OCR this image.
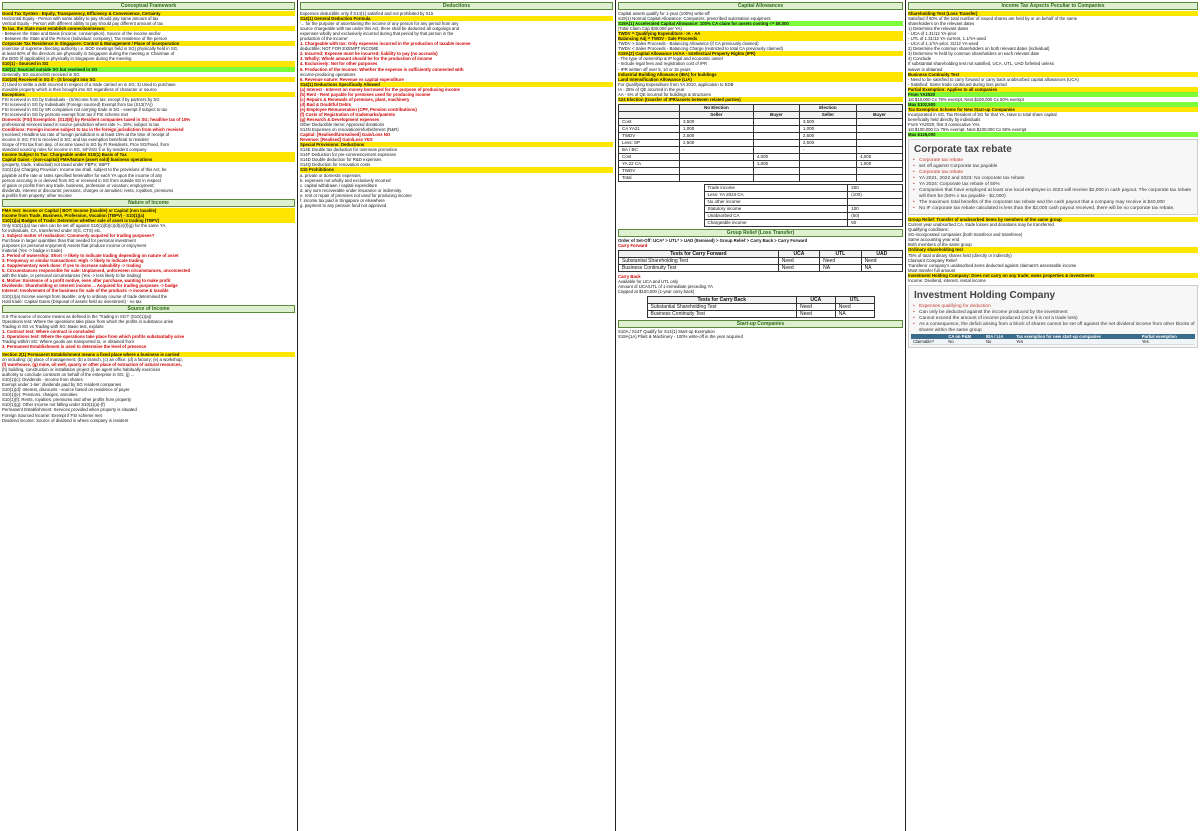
Conceptual Framework
Good Tax System - Equity, Transparency, Efficiency & Convenience, Certainty
Horizontal Equity - Person with same ability to pay should pay same amount of tax
Vertical Equity - Person with different ability to pay should pay different amount of tax
To tax, the State must establish connection/nexus:
- Between the State and Basis (income; consumption), Source of the income and/or
- Between the State and the Person (individual; company), Tax residence of the person
Corporate Tax Residence in Singapore: Control & Management / Place of incorporation
(exercise of supreme directing authority i.e. BOD meetings held in SG) physically held in SG,
at least 50% of the directors are physically in Singapore during the meeting or Chairman of
the BOD (if applicable) is physically in Singapore during the meeting
S10(1) - Sourced in SG
S10(1): Sourced outside SG but received in SG
Generally, SG source/SG received in SG
S10(25) Received in SG if - (S brought into SG
2) Used to settle a debt incurred in respect of a trade carried on in SG; 3) Used to purchase
movable property which is then brought into SG regardless of character or source
Exceptions
FSI received in SG by Individuals - (S/Income from tax; except if by partners by SG
FSI received in SG by Individuals (Foreign sourced) Exempt from tax (S13(7A))
FSI received in SG by SR companies not carrying trade in SG - exempt if subject to tax
FSI received in SG by persons exempt from tax if FSI scheme met
Domestic (FSI) Exemption: (S13(8)) by Resident companies taxed in SG; headline tax of 15%
professional services taxed in source jurisdiction where rate >= 15%; subject to tax
Conditions: Foreign income subject to tax in the foreign jurisdiction from which received
(received; Headline tax rate of foreign jurisdiction is at least 15% at the time of receipt of
income in SG; FSI is received in SG; and tax exemption beneficial to resident
Scope of FSI tax from dep. of income taxed in SG by FI Residents, Prov SG/Fixed, from
standard sourcing rules for income in SG, S/Fi/SG fi or by resident company
Income Subject to Tax: Chargeable under S10(1) Basis of Tax
Capital Gains - (non-capital) FMA/Nature (asset sold) business operations
(property, trade, individual) not taxed under FBPV; SBPT
S10(1)(a) Charging Provision: Income tax shall, subject to the provisions of this Act, be
payable at the rate or rates specified hereinafter for each YA upon the income of any
person accruing in or derived from SG or received in SG from outside SG in respect
of gains or profits from any trade, business, profession or vocation; employment;
dividends, interest or discounts; pensions, charges or annuities; rents, royalties, premiums
& profits from property; other income
Nature of Income
FMA test: Income or Capital | BOT: Income (taxable) or Capital (non taxable)
Income from Trade, Business, Profession, Vocation (TBPV) - S10(1)(a)
S10(1)(a) Badges of Trade: Determine whether sale of asset is trading (TBPV)
Only S10(1)(a) tax rules can be set off against S10(1)(b)(c)(d)(e)(f)(g) for the same YA,
for individuals, CA, transferred under S(G, CTS) etc.
1. Subject matter of realisation: Commonly acquired for trading purposes?
Purchase in larger quantities than that needed for personal investment
purposes (or personal enjoyment) Assets that produce income or enjoyment
material (Yes -> badge in trade)
2. Period of ownership: Short -> likely to indicate trading depending on nature of asset
3. Frequency or similar transactions: High -> likely to indicate trading
4. Supplementary work done: If yes to increase saleability -> trading
5. Circumstances responsible for sale: Unplanned, unforeseen circumstances, unconnected
with the trade, or personal circumstances (Yes -> less likely to be trading)
6. Motive: Existence of a profit motive, even after purchase, wanting to make profit
Dividends: Shareholding or interest income ... Acquired for trading purposes -> badge
Interest: Involvement of the business for sale of the products -> income & taxable
S10(1)(a) Income exempt from taxable; only to ordinary course of trade determined the
Hold trade: Capital Gains (Disposal of assets held as investment) - no tax
Source of Income
S.9 The source of income means as defined in the 'Trading in SG?' (S10(1)(a))
Operations test: Where the operations take place from which the profits in substance arise
Trading in SG vs Trading with SG: Basic test, exploits
1. Contract test: Where contract is concluded
2. Operations test: Where the operations take place from which profits substantially arise
Trading with/in SG: Where goods are transported to, or obtained from
3. Permanent Establishment is used to determine the level of presence
Section 2(1) Permanent Establishment means a fixed place where a business is carried
on including: (a) place of management; (b) a branch; (c) an office; (d) a factory; (e) a workshop;
(f) warehouse, (g) mine, oil well, quarry or other place of extraction of natural resources,
(h) building, construction or installation project (i) an agent who habitually exercises
authority to conclude contracts on behalf of the enterprise in SG; (j) ...
S10(1)(c): Dividends - income from shares
Exempt under 1-tier: dividends paid by SG resident companies
S10(1)(d): Interest, discounts - source based on residence of payer
S10(1)(e): Pensions, charges, annuities
S10(1)(f): Rents, royalties, premiums and other profits from property
S10(1)(g): Other income not falling under S10(1)(a)-(f)
Permanent Establishment: Services provided when property is situated
Foreign Sourced Income: Exempt if FSI scheme met
Dividend income: Source of dividend is where company is resident
Deductions
Expenses deductible only if S14(1) satisfied and not prohibited by S15
S14(1) General Deduction Formula
'... for the purpose of ascertaining the income of any person for any period from any
source chargeable with tax under this Act, there shall be deducted all outgoings and
expenses wholly and exclusively incurred during that period by that person in the
production of the income'
1. Chargeable with tax: Only expenses incurred in the production of taxable income
deductible; NOT FOR EXEMPT INCOME
2. Incurred: Expense must be incurred; liability to pay (no accruals)
3. Wholly: Whole amount should be for the production of income
4. Exclusively: Not for other purposes
5. Production of the Income: Whether the expense is sufficiently connected with
income-producing operations
6. Revenue nature: Revenue vs capital expenditure
S14(1) Deductions Specifically Allowed
(a) Interest - Interest on money borrowed for the purpose of producing income
(b) Rent - Rent payable for premises used for producing income
(c) Repairs & Renewals of premises, plant, machinery
(d) Bad & Doubtful Debts
(e) Employee Remuneration (CPF, Pension contributions)
(f) Costs of Registration of trademarks/patents
(g) Research & Development expenses
Other Deductible Items: Approved donations
S14N Expenses on renovation/refurbishment (R&R)
Capital: [Realised/Unrealised] Gain/Loss NO
Revenue: [Realised] Gain/Loss YES
Special Provisions: Deductions
S14E Double tax deduction for overseas promotion
S14F Deduction for pre-commencement expenses
S14D Double deduction for R&D expenses
S14Q Deduction for renovation costs
S15 Prohibitions
a. private or domestic expenses
b. expenses not wholly and exclusively incurred
c. capital withdrawn / capital expenditure
d. any sum recoverable under insurance or indemnity
e. rent or repair of premises not used for producing income
f. income tax paid in Singapore or elsewhere
g. payment to any pension fund not approved
Capital Allowances
Capital assets qualify for 1-year (100%) write-off
S19(1) Normal Capital Allowance: Computers, prescribed automation equipment
S19A(1) Accelerated Capital Allowance: 100% CA claim for assets costing <= $5,000
(Total Claim Cap $30,000 per YA)
TWDV = Qualifying Expenditure - IA - AA
Balancing Adj = TWDV - Sale Proceeds
TWDV > Sales Proceeds - Balancing Allowance (if CA previously claimed)
TWDV < Sales Proceeds - Balancing Charge (restricted to total CA previously claimed)
S19A(2) Capital Allowance IA/AA - Intellectual Property Rights (IPR)
- The type of ownership & IP legal and economic owner
- Include legal fees and registration cost of IPR
- IPR written off over 5, 10 or 15 years
Industrial Building Allowance (IBA) for buildings
Land Intensification Allowance (LIA)
For Qualifying Expenditure from YA 2010, application to EDB
IA - 25% of QE incurred in the year
AA - 5% of QE incurred for buildings & structures
S24 Election (transfer of IPR/assets between related parties)
	No Election		Election	
	Seller	Buyer	Seller	Buyer
Cost	3,500		3,500	
CA YA21	1,000		1,000	
TWDV	2,500		2,500	
Less: SP	2,500		2,500	
BA / BC	-		-	
Cost		4,000		4,000
YA 22 CA		1,000		1,000
TWDV				
Total				
Trade income	200
Less: YA 2024 CA	(100)
No other income	
Statutory income	100
Unabsorbed CA	(50)
Chargeable income	50
Group Relief (Loss Transfer)
Order of Set-Off: UCA* > UTL* > UAD (Itemised) > Group Relief > Carry Back > Carry Forward
Carry Forward
Tests for Carry Forward	UCA	UTL	UAD
Substantial Shareholding Test	Need	Need	Need
Business Continuity Test	Need	NA	NA
Carry Back
Available for UCA and UTL only
Amount of UCA/UTL of 1 immediate preceding YA
Capped at $100,000 (1-year carry back)
Tests for Carry Back	UCA	UTL
Substantial Shareholding Test	Need	Need
Business Continuity Test	Need	NA
Start-up Companies
S10A / S14T Qualify for S14(1) Start-up Exemption
S19A(1A) Plant & Machinery - 100% write-off in the year acquired
Income Tax Aspects Peculiar to Companies
Shareholding Test (Loss Transfer)
Satisfied if 50% of the total number of issued shares are held by or on behalf of the same
shareholders on the relevant dates
1) Determine the relevant dates
- UCA of 1.31/12 YA-prior
- UTL of 1.31/12 YA-current, 1.1/YA-used
- UCA of 1.1/YA-prior, 31/12 YA-used
2) Determine the common shareholders on both relevant dates (individual)
3) Determine % held by common shareholders on each relevant date
4) Conclude
If substantial shareholding test not satisfied, UCA, UTL, UAD forfeited unless
waiver is obtained
Business Continuity Test
- Need to be satisfied to carry forward or carry back unabsorbed capital allowances (UCA)
- Satisfied: Same trade continued during loss period
Partial Exemption: Applies to all companies
From YA2020
1st $10,000 Cx 75% exempt, Next $190,000 Cx 50% exempt
Max $102,500
Tax Exemption Scheme for New Start-up Companies
Incorporated in SG, Tax Resident of SG for that YA, Have to total share capital
beneficially held directly by individuals
From YA2020, first 3 consecutive YAs
1st $100,000 Cx 75% exempt, Next $100,000 Cx 50% exempt
Max $125,000
Corporate tax rebate
• Corporate tax rebate
• set off against Corporate tax payable
• Corporate tax rebate
• YA 2021, 2022 and 2023: No corporate tax rebate
• YA 2024: Corporate tax rebate of 50%
• Companies that have employed at least one local employee in 2023 will receive $2,000 in cash payout. The corporate tax rebate will then be (50% x tax payable - $2,000)
• The maximum total benefits of the corporate tax rebate and the cash payout that a company may receive is $40,000
• No IF corporate tax rebate calculated is less than the $2,000 cash payout received, there will be no corporate tax rebate.
Group Relief: Transfer of unabsorbed items by members of the same group
Current year unabsorbed CA, trade losses and donations may be transferred
Qualifying conditions:
SG-incorporated companies (both transferor and transferee)
Same accounting year end
Both members of the same group
Ordinary shareholding test
75% of total ordinary shares held (directly or indirectly)
Claimant Company Relief
Transferor company's unabsorbed items deducted against claimant's assessable income
Must transfer full amount
Investment Holding Company: Does not carry on any trade; owns properties & investments
Income: Dividend, interest, rental income
Investment Holding Company
• Expenses qualifying for deduction
• Can only be deducted against the income produced by the investment
• Cannot exceed the amount of income produced (once it is not a trade loss)
• As a consequence, the deficit arising from a block of shares cannot be set off against the net dividend income from other blocks of shares within the same group
	CA on P&M	IBA / LIA	Tax exemption for new start-up companies	Partial exemption
Claimable?	No	No	Yes	Yes
